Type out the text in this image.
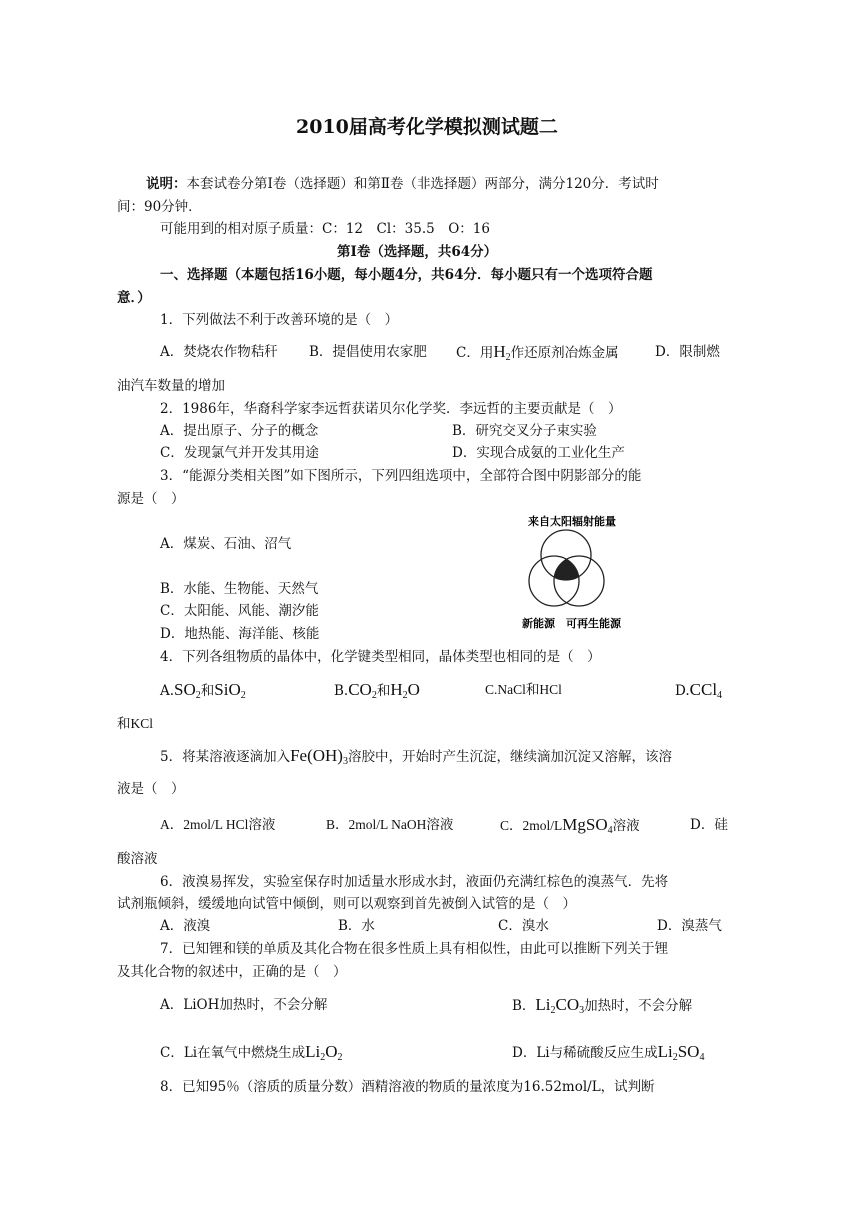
2010届高考化学模拟测试题二
说明：本套试卷分第Ⅰ卷（选择题）和第Ⅱ卷（非选择题）两部分，满分120分．考试时
间：90分钟．
可能用到的相对原子质量：C：12　Cl：35.5　O：16
第Ⅰ卷（选择题，共64分）
一、选择题（本题包括16小题，每小题4分，共64分．每小题只有一个选项符合题
意．）
1．下列做法不利于改善环境的是（　）
A．焚烧农作物秸秆 B．提倡使用农家肥 C．用$H_2$作还原剂冶炼金属	D．限制燃
油汽车数量的增加
2．1986年，华裔科学家李远哲获诺贝尔化学奖．李远哲的主要贡献是（　）
A．提出原子、分子的概念	B．研究交叉分子束实验
C．发现氯气并开发其用途	D．实现合成氨的工业化生产
3．“能源分类相关图”如下图所示，下列四组选项中，全部符合图中阴影部分的能
源是（　）
A．煤炭、石油、沼气
B．水能、生物能、天然气
C．太阳能、风能、潮汐能
D．地热能、海洋能、核能
来自太阳辐射能量
新能源 可再生能源
4．下列各组物质的晶体中，化学键类型相同，晶体类型也相同的是（　）
$A.SO_2$和SiO$_2$	$B.CO_2$和$H_2O$	C.NaCl和HCl	D.CCl$_4$
和KCl
5．将某溶液逐滴加入$Fe(OH)_3$溶胶中，开始时产生沉淀，继续滴加沉淀又溶解，该溶
液是（　）
A．2mol/L HCl溶液	B．2mol/L NaOH溶液	C．2mol/LMgSO$_4$溶液	D．硅
酸溶液
6．液溴易挥发，实验室保存时加适量水形成水封，液面仍充满红棕色的溴蒸气．先将
试剂瓶倾斜，缓缓地向试管中倾倒，则可以观察到首先被倒入试管的是（　）
A．液溴	B．水	C．溴水	D．溴蒸气
7．已知锂和镁的单质及其化合物在很多性质上具有相似性，由此可以推断下列关于锂
及其化合物的叙述中，正确的是（　）
A．LiOH加热时，不会分解	B．$Li_2CO_3$加热时，不会分解
C．Li在氧气中燃烧生成$Li_2O_2$	D．Li与稀硫酸反应生成$Li_2SO_4$
8．已知95％（溶质的质量分数）酒精溶液的物质的量浓度为16.52mol/L，试判断
